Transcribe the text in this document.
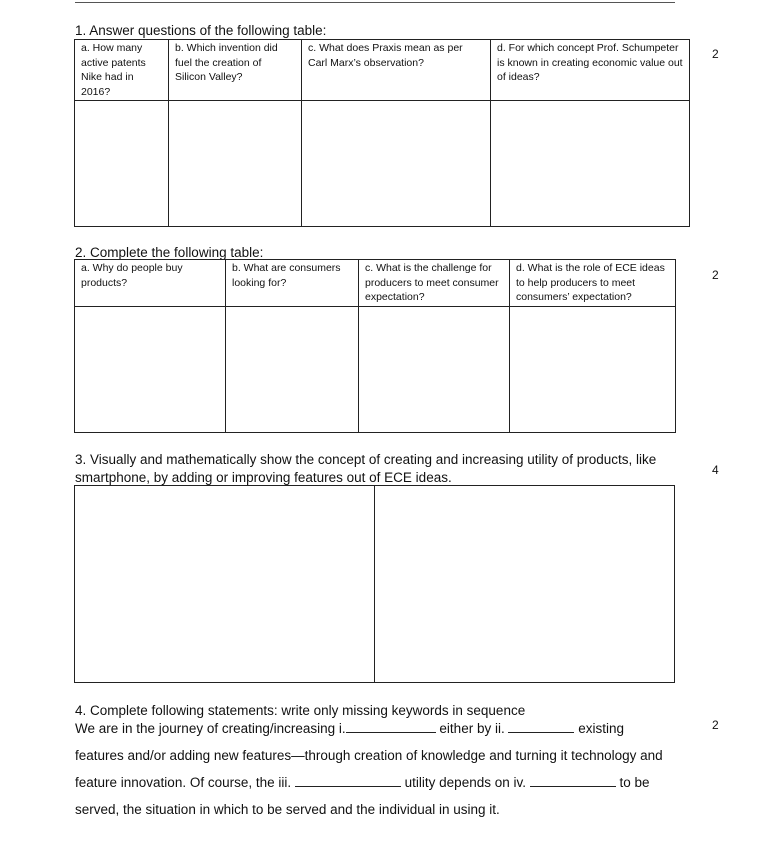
1. Answer questions of the following table:
2
a. How many active patents Nike had in 2016?	b. Which invention did fuel the creation of Silicon Valley?	c. What does Praxis mean as per Carl Marx’s observation?	d. For which concept Prof. Schumpeter is known in creating economic value out of ideas?

2. Complete the following table:
2
a. Why do people buy products?	b. What are consumers looking for?	c. What is the challenge for producers to meet consumer expectation?	d. What is the role of ECE ideas to help producers to meet consumers’ expectation?

3. Visually and mathematically show the concept of creating and increasing utility of products, like smartphone, by adding or improving features out of ECE ideas.	4
2
4. Complete following statements: write only missing keywords in sequence
We are in the journey of creating/increasing i.	either by ii.	existing
features and/or adding new features—through creation of knowledge and turning it technology and
feature innovation. Of course, the iii.	utility depends on iv.	to be
served, the situation in which to be served and the individual in using it.
